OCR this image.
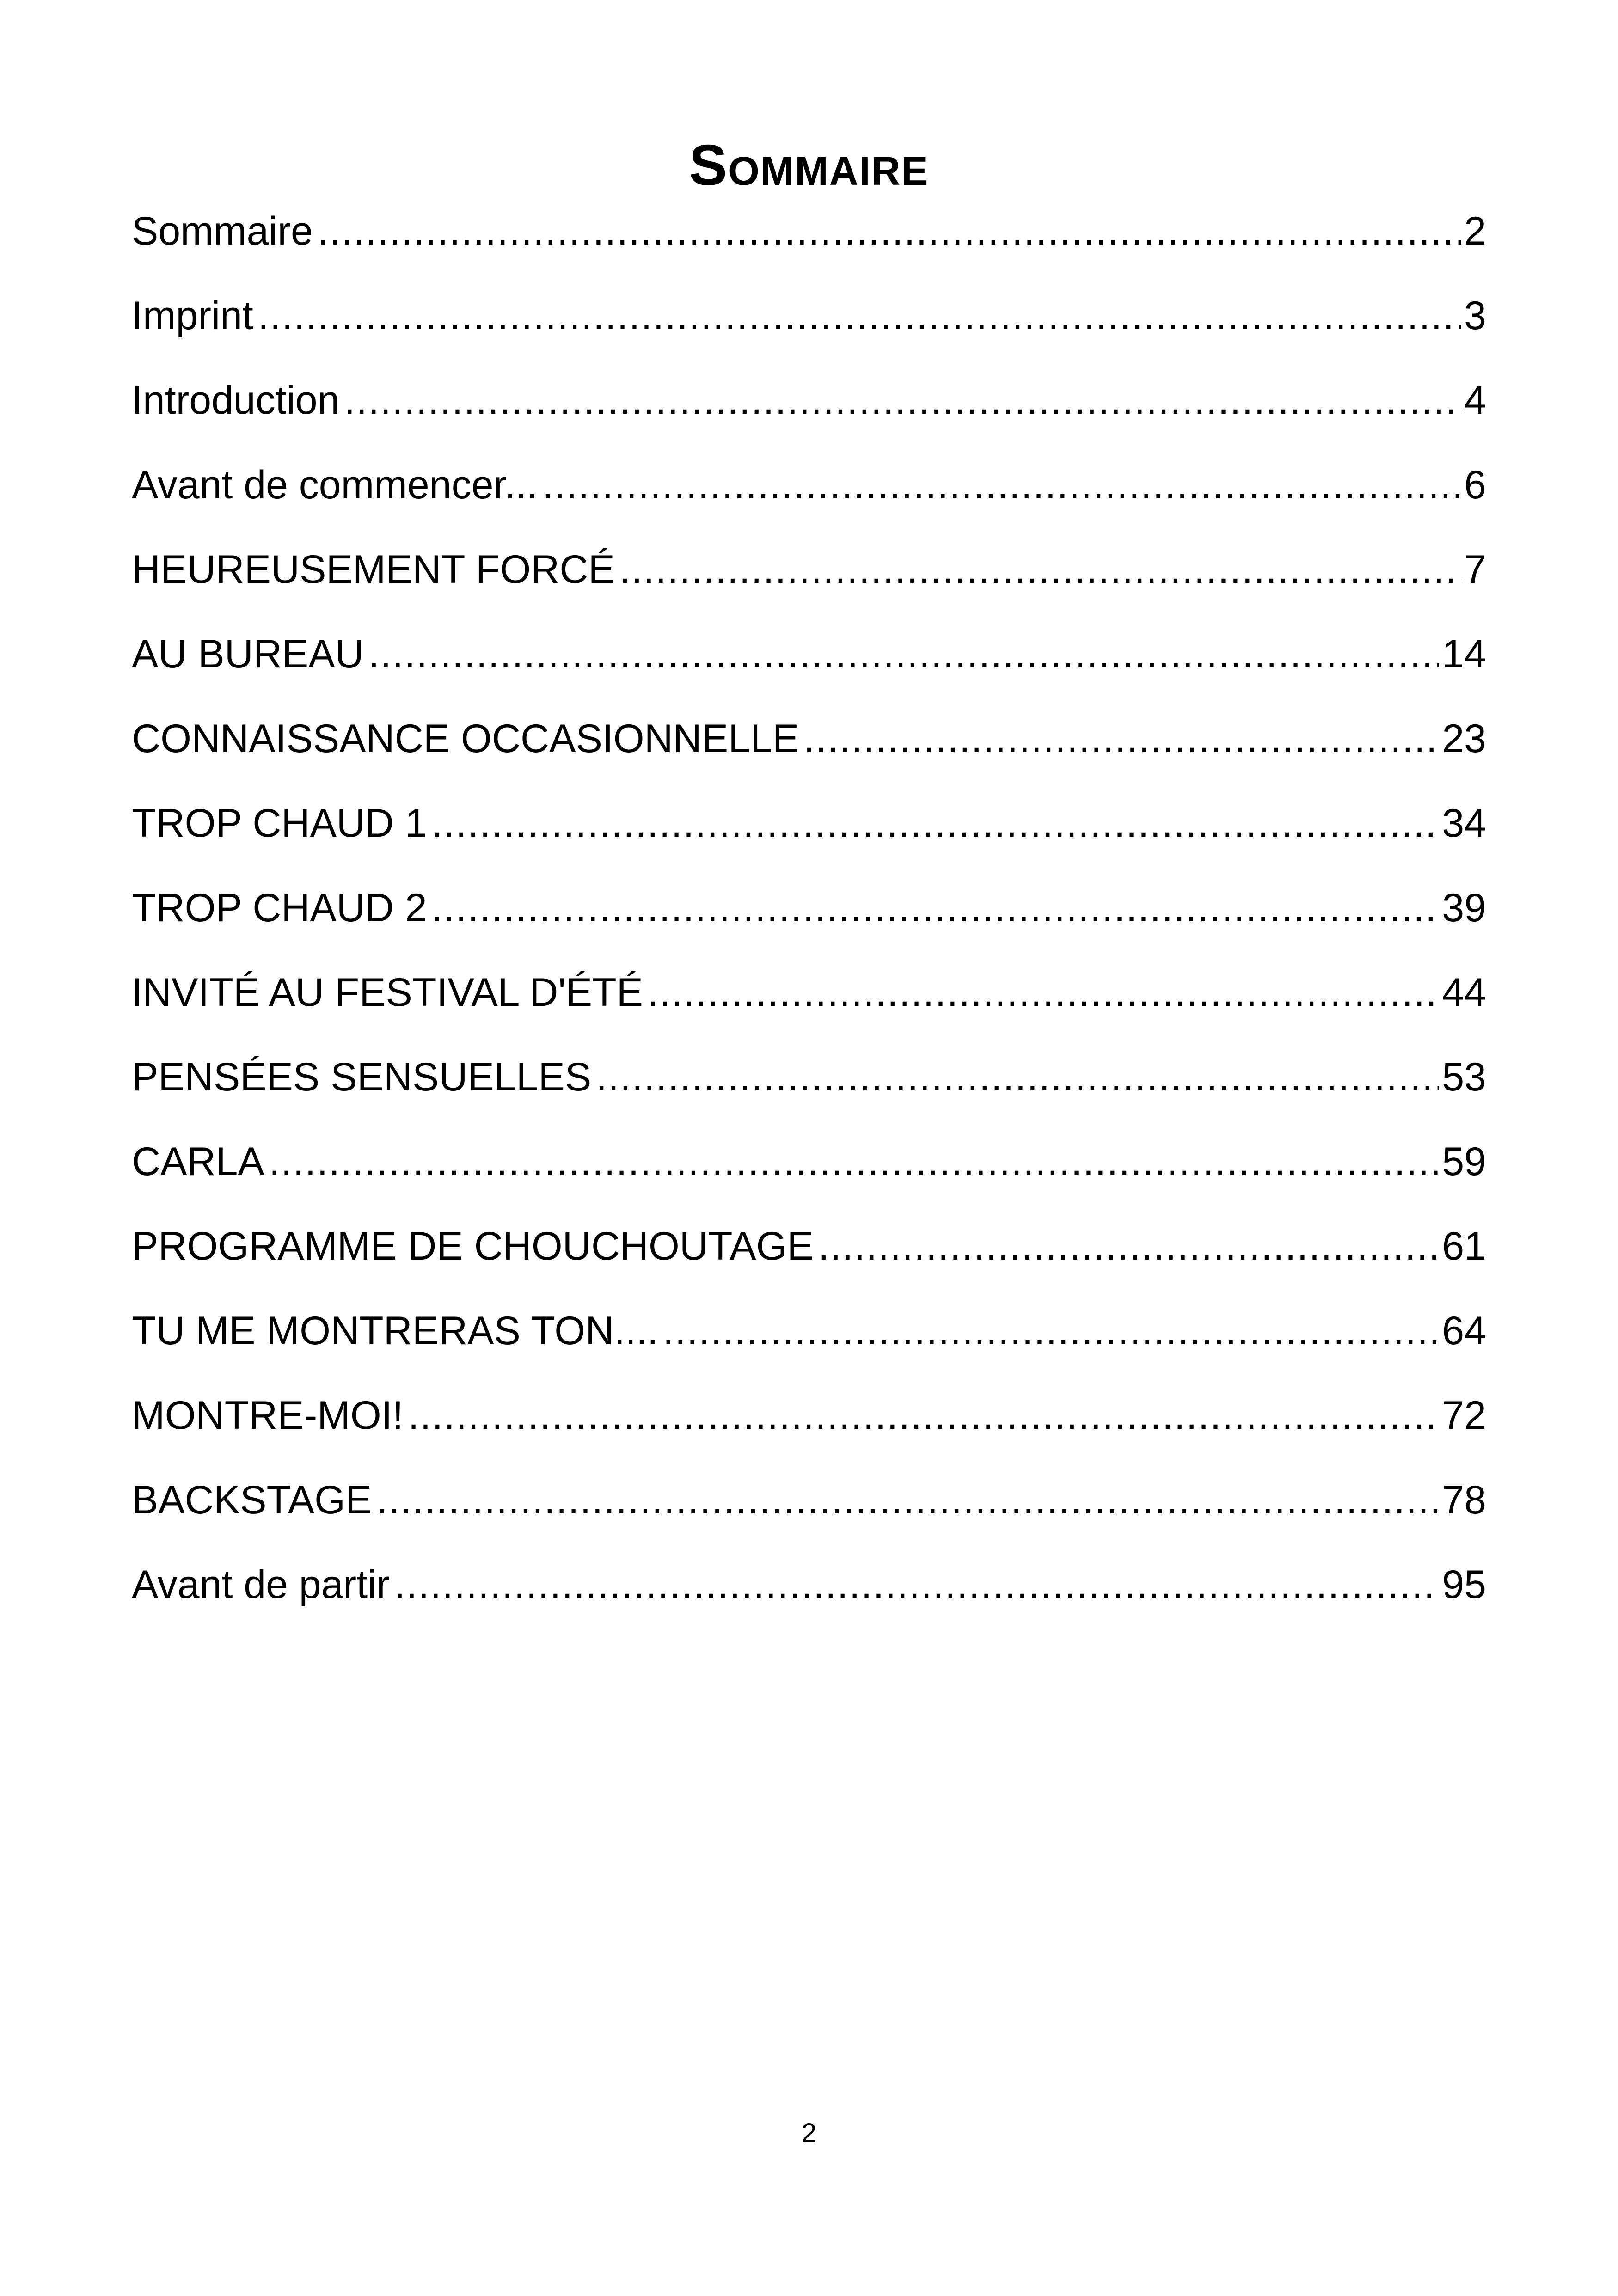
Sommaire
Sommaire .....	2
Imprint .....	3
Introduction .....	4
Avant de commencer... .....	6
HEUREUSEMENT FORCÉ .....	7
AU BUREAU .....	14
CONNAISSANCE OCCASIONNELLE .....	23
TROP CHAUD 1 .....	34
TROP CHAUD 2 .....	39
INVITÉ AU FESTIVAL D'ÉTÉ .....	44
PENSÉES SENSUELLES .....	53
CARLA .....	59
PROGRAMME DE CHOUCHOUTAGE .....	61
TU ME MONTRERAS TON.... .....	64
MONTRE-MOI! .....	72
BACKSTAGE .....	78
Avant de partir .....	95
2
